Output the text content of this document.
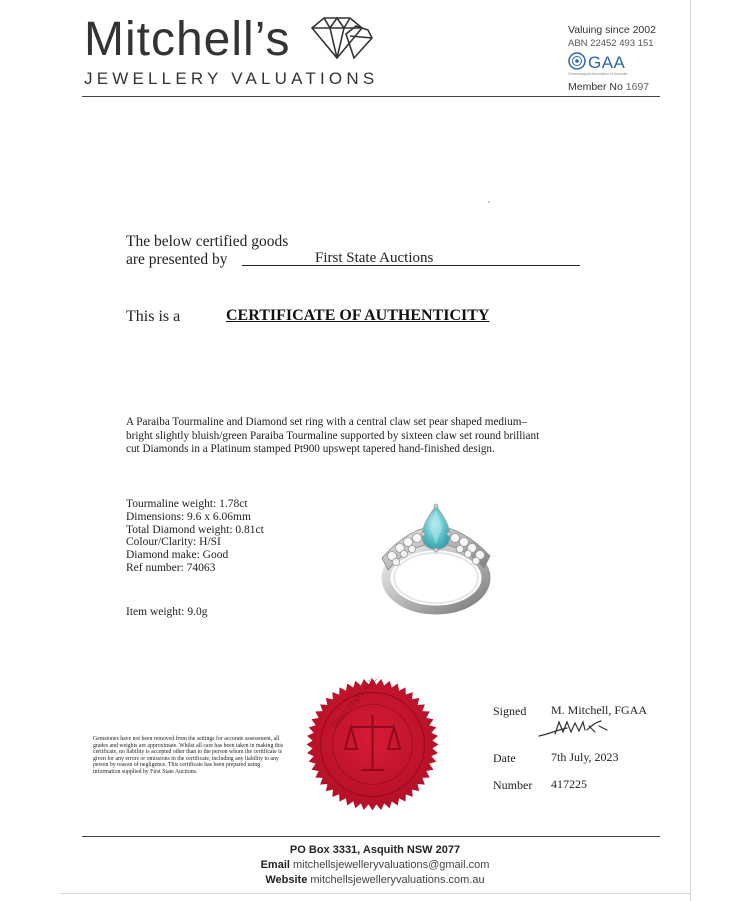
Mitchell’s
JEWELLERY VALUATIONS
Valuing since 2002
ABN 22452 493 151
GAA
Gemmological Association of Australia
Member No 1697
The below certified goods
are presented by	First State Auctions
This is a	CERTIFICATE OF AUTHENTICITY
A Paraiba Tourmaline and Diamond set ring with a central claw set pear shaped medium–bright slightly bluish/green Paraiba Tourmaline supported by sixteen claw set round brilliant cut Diamonds in a Platinum stamped Pt900 upswept tapered hand-finished design.
Tourmaline weight: 1.78ct
Dimensions: 9.6 x 6.06mm
Total Diamond weight: 0.81ct
Colour/Clarity: H/SI
Diamond make: Good
Ref number: 74063
Item weight: 9.0g
Gemstones have not been removed from the settings for accurate assessment, all grades and weights are approximate. Whilst all care has been taken in making this certificate, no liability is accepted other than to the person whom the certificate is given for any errors or omissions in the certificate, including any liability to any person by reason of negligence. This certificate has been prepared using information supplied by First State Auctions.
Signed M. Mitchell, FGAA
Date	7th July, 2023
Number 417225
PO Box 3331, Asquith NSW 2077
Email mitchellsjewelleryvaluations@gmail.com
Website mitchellsjewelleryvaluations.com.au
